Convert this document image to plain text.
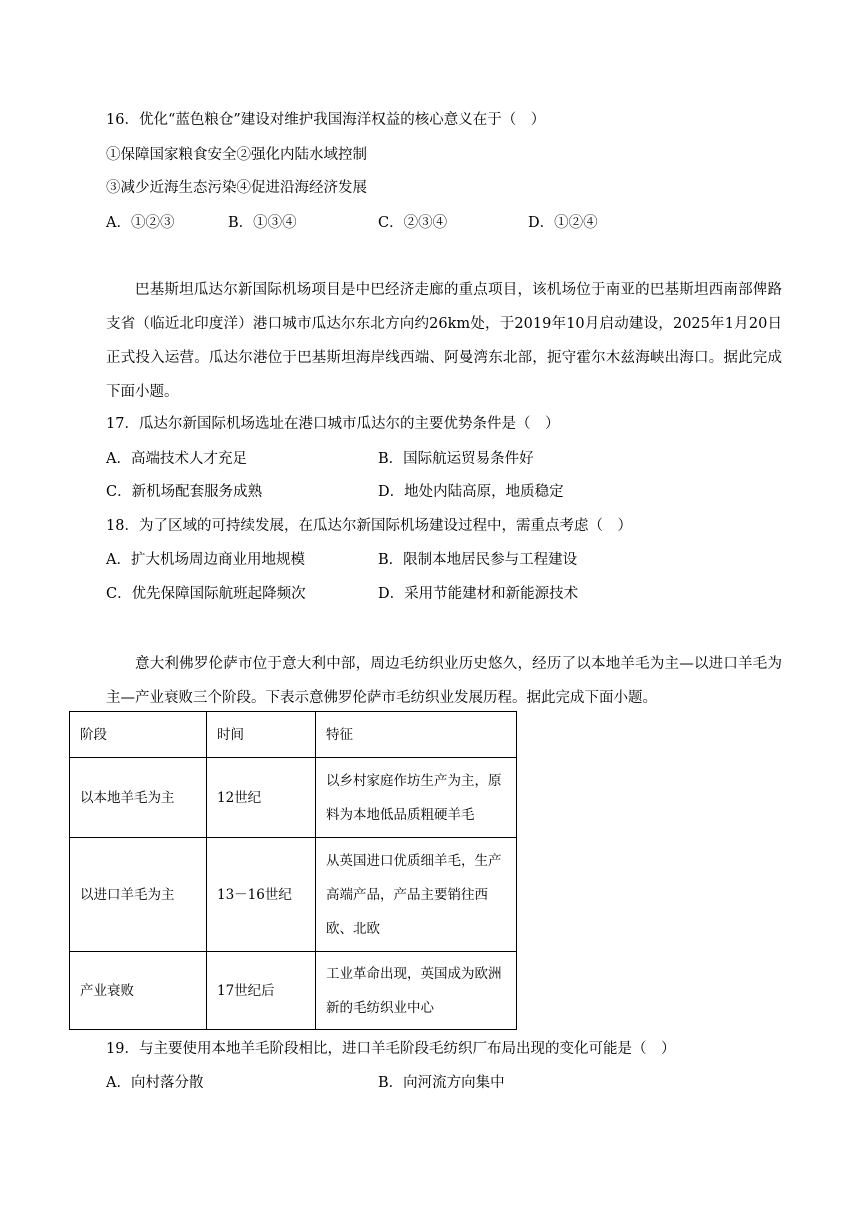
16．优化“蓝色粮仓”建设对维护我国海洋权益的核心意义在于（　）
①保障国家粮食安全②强化内陆水域控制
③减少近海生态污染④促进沿海经济发展
A．①②③	B．①③④	C．②③④	D．①②④
巴基斯坦瓜达尔新国际机场项目是中巴经济走廊的重点项目，该机场位于南亚的巴基斯坦西南部俾路支省（临近北印度洋）港口城市瓜达尔东北方向约26km处，于2019年10月启动建设，2025年1月20日正式投入运营。瓜达尔港位于巴基斯坦海岸线西端、阿曼湾东北部，扼守霍尔木兹海峡出海口。据此完成下面小题。
17．瓜达尔新国际机场选址在港口城市瓜达尔的主要优势条件是（　）
A．高端技术人才充足	B．国际航运贸易条件好
C．新机场配套服务成熟	D．地处内陆高原，地质稳定
18．为了区域的可持续发展，在瓜达尔新国际机场建设过程中，需重点考虑（　）
A．扩大机场周边商业用地规模	B．限制本地居民参与工程建设
C．优先保障国际航班起降频次	D．采用节能建材和新能源技术
意大利佛罗伦萨市位于意大利中部，周边毛纺织业历史悠久，经历了以本地羊毛为主—以进口羊毛为主—产业衰败三个阶段。下表示意佛罗伦萨市毛纺织业发展历程。据此完成下面小题。
阶段	时间	特征
以本地羊毛为主	12世纪	以乡村家庭作坊生产为主，原料为本地低品质粗硬羊毛
以进口羊毛为主	13－16世纪	从英国进口优质细羊毛，生产高端产品，产品主要销往西欧、北欧
产业衰败	17世纪后	工业革命出现，英国成为欧洲新的毛纺织业中心
19．与主要使用本地羊毛阶段相比，进口羊毛阶段毛纺织厂布局出现的变化可能是（　）
A．向村落分散	B．向河流方向集中
